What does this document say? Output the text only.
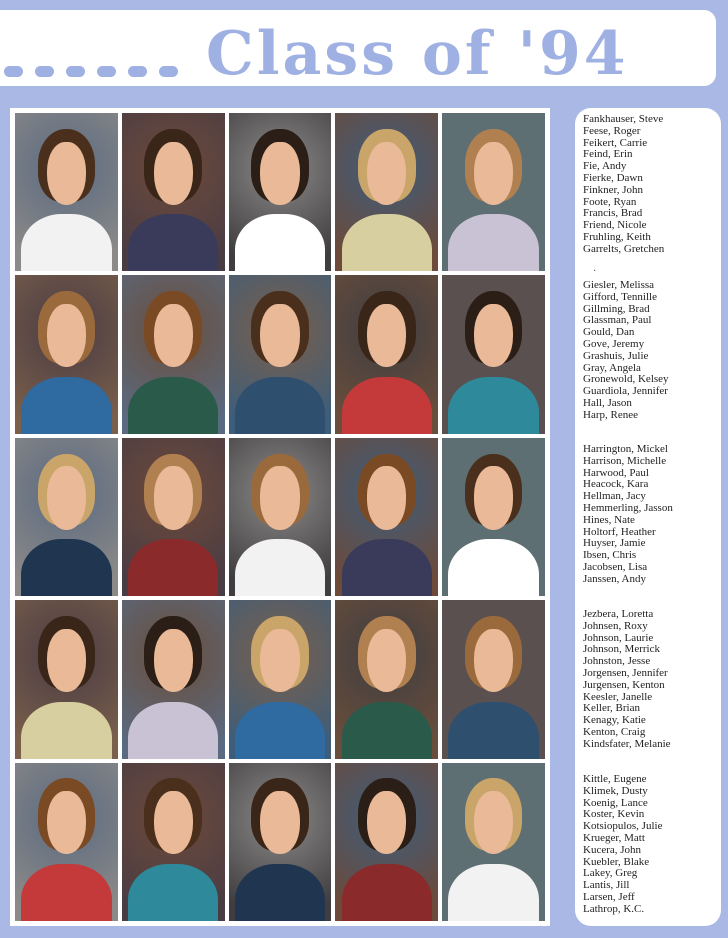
Class of '94
Fankhauser, Steve
Feese, Roger
Feikert, Carrie
Feind, Erin
Fie, Andy
Fierke, Dawn
Finkner, John
Foote, Ryan
Francis, Brad
Friend, Nicole
Fruhling, Keith
Garrelts, Gretchen
·
Giesler, Melissa
Gifford, Tennille
Gillming, Brad
Glassman, Paul
Gould, Dan
Gove, Jeremy
Grashuis, Julie
Gray, Angela
Gronewold, Kelsey
Guardiola, Jennifer
Hall, Jason
Harp, Renee
Harrington, Mickel
Harrison, Michelle
Harwood, Paul
Heacock, Kara
Hellman, Jacy
Hemmerling, Jasson
Hines, Nate
Holtorf, Heather
Huyser, Jamie
Ibsen, Chris
Jacobsen, Lisa
Janssen, Andy
Jezbera, Loretta
Johnsen, Roxy
Johnson, Laurie
Johnson, Merrick
Johnston, Jesse
Jorgensen, Jennifer
Jurgensen, Kenton
Keesler, Janelle
Keller, Brian
Kenagy, Katie
Kenton, Craig
Kindsfater, Melanie
Kittle, Eugene
Klimek, Dusty
Koenig, Lance
Koster, Kevin
Kotsiopulos, Julie
Krueger, Matt
Kucera, John
Kuebler, Blake
Lakey, Greg
Lantis, Jill
Larsen, Jeff
Lathrop, K.C.
